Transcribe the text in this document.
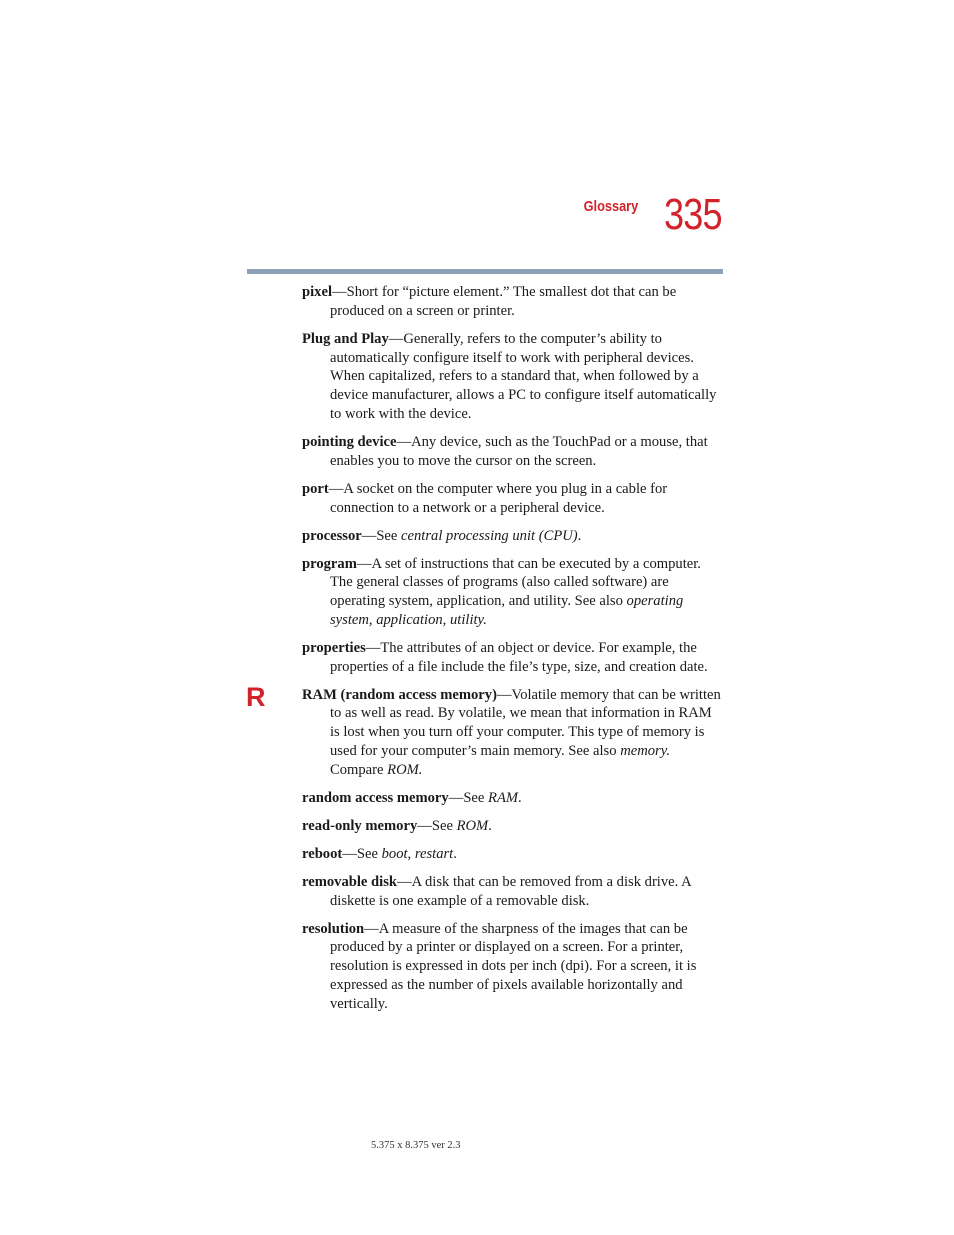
Glossary 335
R

pixel—Short for “picture element.” The smallest dot that can be produced on a screen or printer.

Plug and Play—Generally, refers to the computer’s ability to automatically configure itself to work with peripheral devices. When capitalized, refers to a standard that, when followed by a device manufacturer, allows a PC to configure itself automatically to work with the device.

pointing device—Any device, such as the TouchPad or a mouse, that enables you to move the cursor on the screen.

port—A socket on the computer where you plug in a cable for connection to a network or a peripheral device.

processor—See central processing unit (CPU).

program—A set of instructions that can be executed by a computer. The general classes of programs (also called software) are operating system, application, and utility. See also operating system, application, utility.

properties—The attributes of an object or device. For example, the properties of a file include the file’s type, size, and creation date.

RAM (random access memory)—Volatile memory that can be written to as well as read. By volatile, we mean that information in RAM is lost when you turn off your computer. This type of memory is used for your computer’s main memory. See also memory. Compare ROM.

random access memory—See RAM.

read-only memory—See ROM.

reboot—See boot, restart.

removable disk—A disk that can be removed from a disk drive. A diskette is one example of a removable disk.

resolution—A measure of the sharpness of the images that can be produced by a printer or displayed on a screen. For a printer, resolution is expressed in dots per inch (dpi). For a screen, it is expressed as the number of pixels available horizontally and vertically.

5.375 x 8.375 ver 2.3
